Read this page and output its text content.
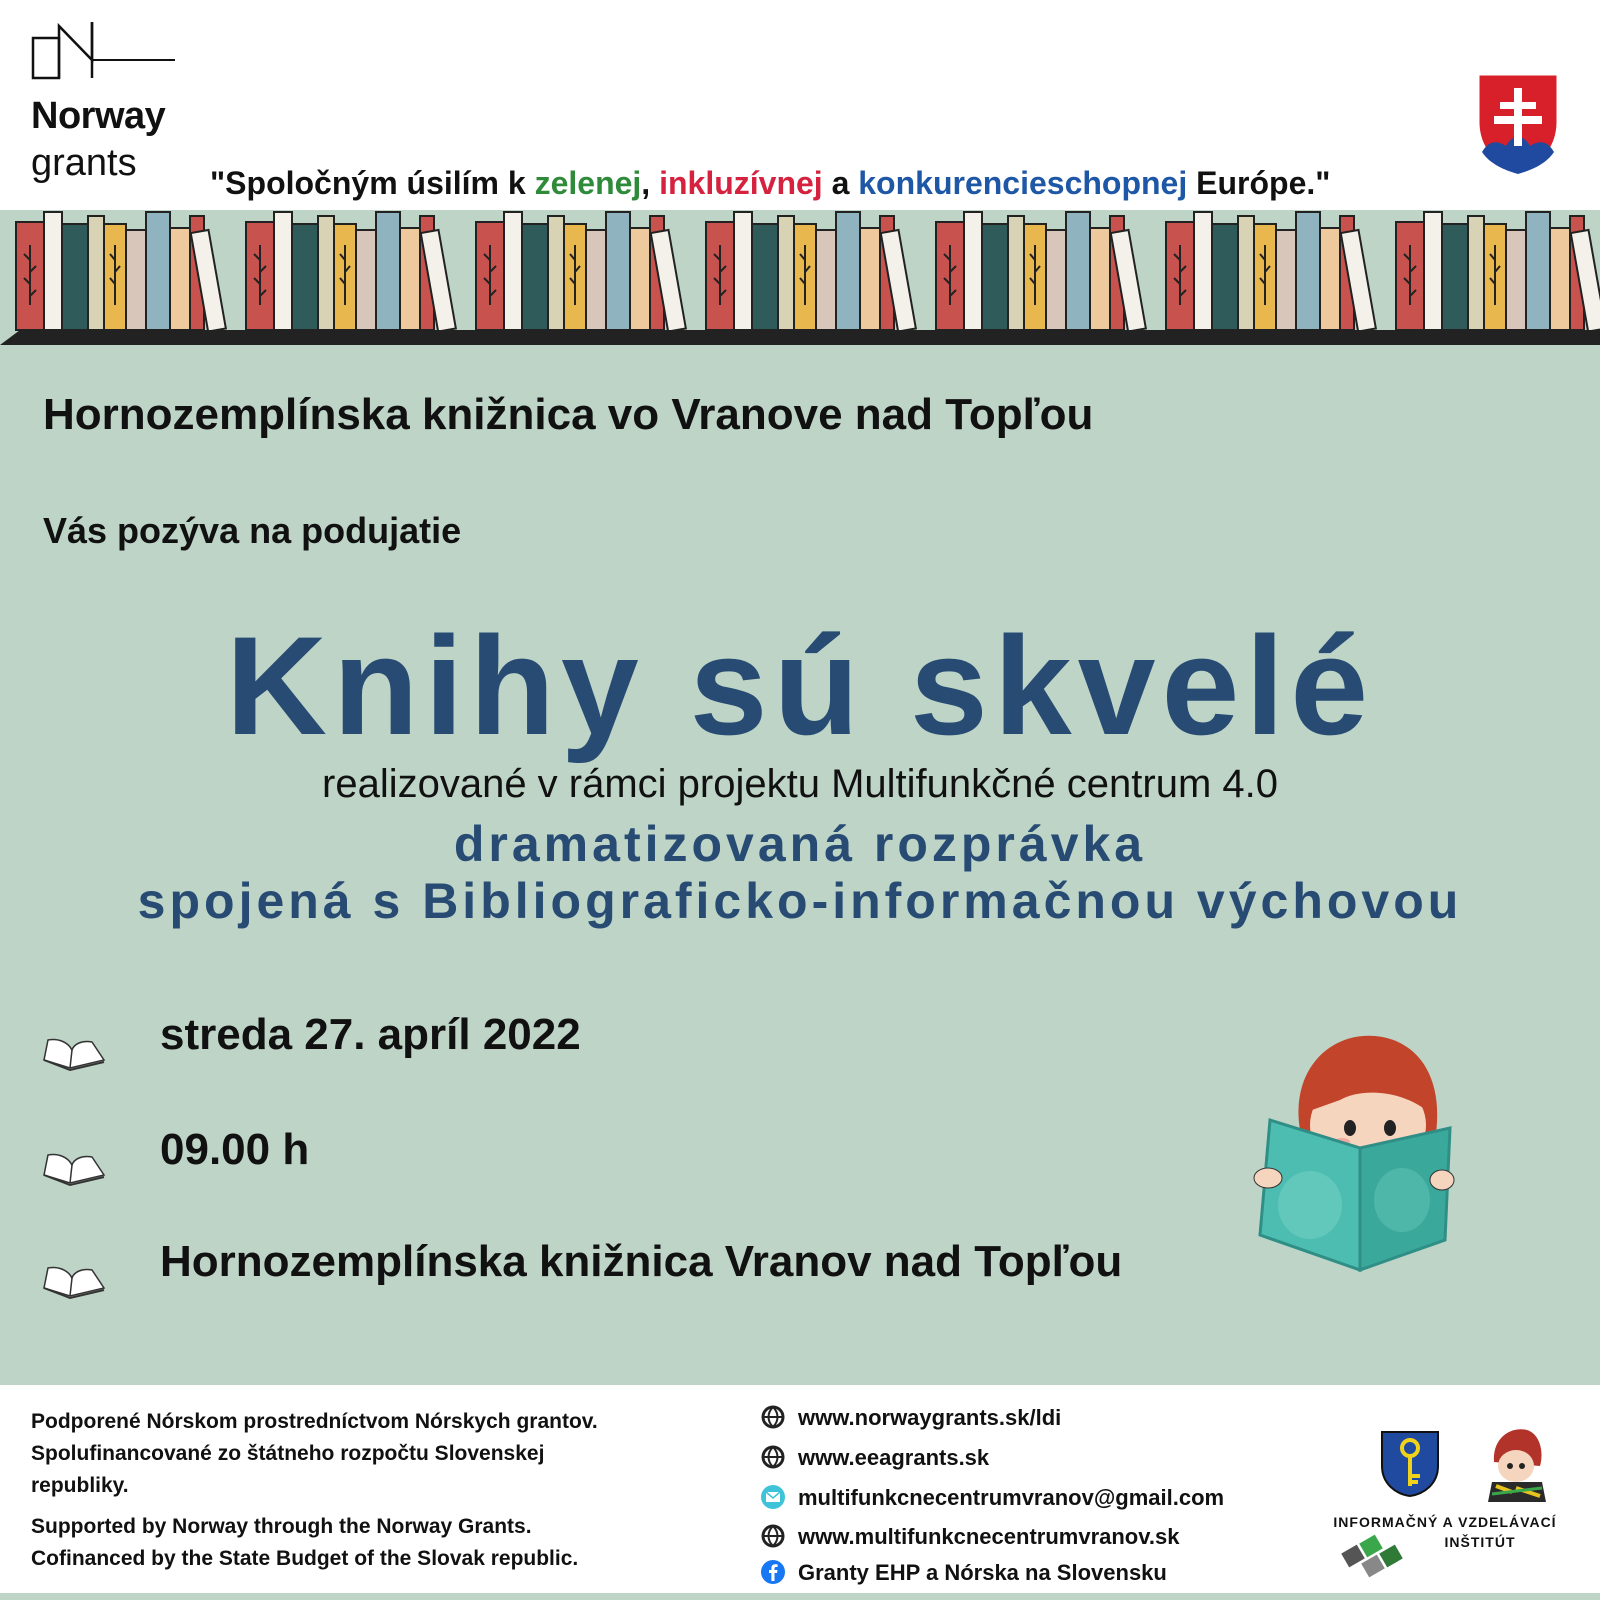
Norway
grants "Spoločným úsilím k zelenej, inkluzívnej a konkurencieschopnej Európe."
Hornozemplínska knižnica vo Vranove nad Topľou
Vás pozýva na podujatie
Knihy sú skvelé
realizované v rámci projektu Multifunkčné centrum 4.0
dramatizovaná rozprávka
spojená s Bibliograficko-informačnou výchovou
streda 27. apríl 2022
09.00 h
Hornozemplínska knižnica Vranov nad Topľou
Podporené Nórskom prostredníctvom Nórskych grantov.
Spolufinancované zo štátneho rozpočtu Slovenskej
republiky.
Supported by Norway through the Norway Grants.
Cofinanced by the State Budget of the Slovak republic.
www.norwaygrants.sk/ldi
www.eeagrants.sk
multifunkcnecentrumvranov@gmail.com
www.multifunkcnecentrumvranov.sk
Granty EHP a Nórska na Slovensku
INFORMAČNÝ A VZDELÁVACÍ
INŠTITÚT
